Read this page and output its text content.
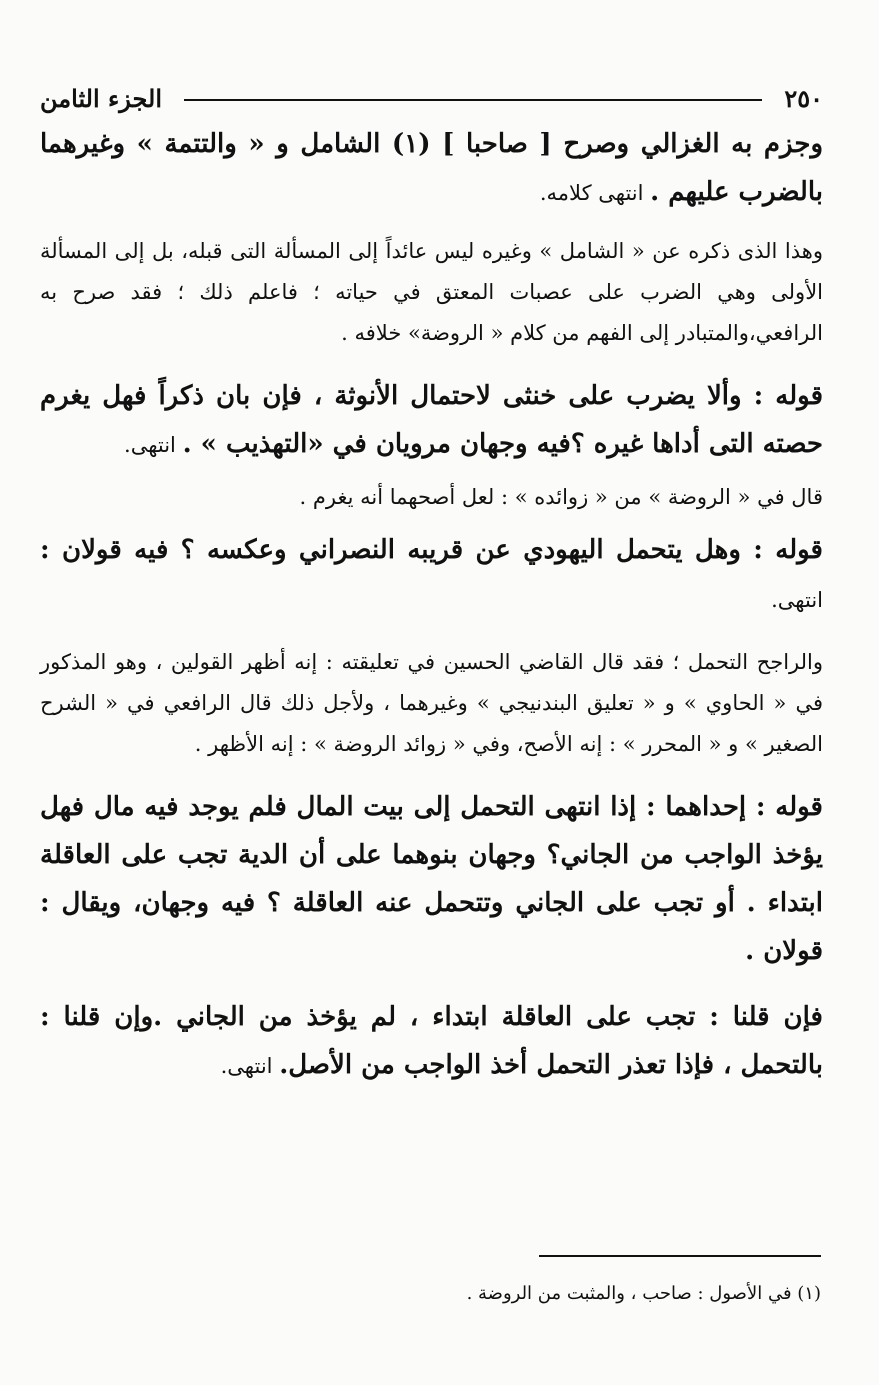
٢٥٠
الجزء الثامن

وجزم به الغزالي وصرح [ صاحبا ] (١) الشامل و « والتتمة » وغيرهما بالضرب عليهم . انتهى كلامه.

وهذا الذى ذكره عن « الشامل » وغيره ليس عائداً إلى المسألة التى قبله، بل إلى المسألة الأولى وهي الضرب على عصبات المعتق في حياته ؛ فاعلم ذلك ؛ فقد صرح به الرافعي،والمتبادر إلى الفهم من كلام « الروضة» خلافه .

قوله : وألا يضرب على خنثى لاحتمال الأنوثة ، فإن بان ذكراً فهل يغرم حصته التى أداها غيره ؟فيه وجهان مرويان في «التهذيب » . انتهى.

قال في « الروضة » من « زوائده » : لعل أصحهما أنه يغرم .

قوله : وهل يتحمل اليهودي عن قريبه النصراني وعكسه ؟ فيه قولان : انتهى.

والراجح التحمل ؛ فقد قال القاضي الحسين في تعليقته : إنه أظهر القولين ، وهو المذكور في « الحاوي » و « تعليق البندنيجي » وغيرهما ، ولأجل ذلك قال الرافعي في « الشرح الصغير » و « المحرر » : إنه الأصح، وفي « زوائد الروضة » : إنه الأظهر .

قوله : إحداهما : إذا انتهى التحمل إلى بيت المال فلم يوجد فيه مال فهل يؤخذ الواجب من الجاني؟ وجهان بنوهما على أن الدية تجب على العاقلة ابتداء . أو تجب على الجاني وتتحمل عنه العاقلة ؟ فيه وجهان، ويقال : قولان .

فإن قلنا : تجب على العاقلة ابتداء ، لم يؤخذ من الجاني .وإن قلنا : بالتحمل ، فإذا تعذر التحمل أخذ الواجب من الأصل. انتهى.

(١) في الأصول : صاحب ، والمثبت من الروضة .
